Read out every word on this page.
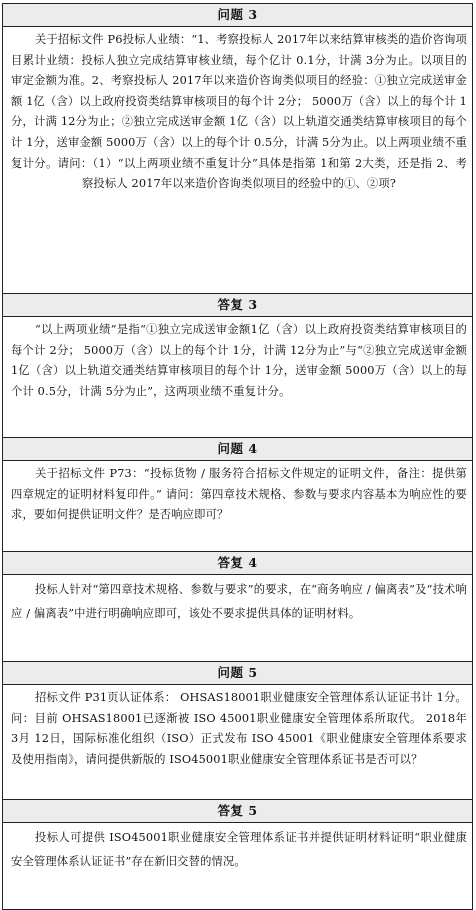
问题 3
关于招标文件 P6投标人业绩：“1、考察投标人 2017年以来结算审核类的造价咨询项目累计业绩：投标人独立完成结算审核业绩，每个亿计 0.1分，计满 3分为止。以项目的审定金额为准。2、考察投标人 2017年以来造价咨询类似项目的经验：①独立完成送审金额 1亿（含）以上政府投资类结算审核项目的每个计 2分； 5000万（含）以上的每个计 1分，计满 12分为止；②独立完成送审金额 1亿（含）以上轨道交通类结算审核项目的每个计 1分，送审金额 5000万（含）以上的每个计 0.5分，计满 5分为止。以上两项业绩不重复计分。请问：（1）“以上两项业绩不重复计分”具体是指第 1和第 2大类，还是指 2、考察投标人 2017年以来造价咨询类似项目的经验中的①、②项?
答复 3
“以上两项业绩”是指“①独立完成送审金额1亿（含）以上政府投资类结算审核项目的每个计 2分； 5000万（含）以上的每个计 1分，计满 12分为止”与“②独立完成送审金额 1亿（含）以上轨道交通类结算审核项目的每个计 1分，送审金额 5000万（含）以上的每个计 0.5分，计满 5分为止”，这两项业绩不重复计分。
问题 4
关于招标文件 P73：“投标货物 / 服务符合招标文件规定的证明文件，备注：提供第四章规定的证明材料复印件。” 请问：第四章技术规格、参数与要求内容基本为响应性的要求，要如何提供证明文件？是否响应即可？
答复 4
投标人针对“第四章技术规格、参数与要求”的要求，在“商务响应 / 偏离表”及“技术响应 / 偏离表”中进行明确响应即可，该处不要求提供具体的证明材料。
问题 5
招标文件 P31页认证体系： OHSAS18001职业健康安全管理体系认证证书计 1分。问：目前 OHSAS18001已逐渐被 ISO 45001职业健康安全管理体系所取代。 2018年 3月 12日，国际标准化组织（ISO）正式发布 ISO 45001《职业健康安全管理体系要求及使用指南》，请问提供新版的 ISO45001职业健康安全管理体系证书是否可以？
答复 5
投标人可提供 ISO45001职业健康安全管理体系证书并提供证明材料证明“职业健康安全管理体系认证证书”存在新旧交替的情况。
